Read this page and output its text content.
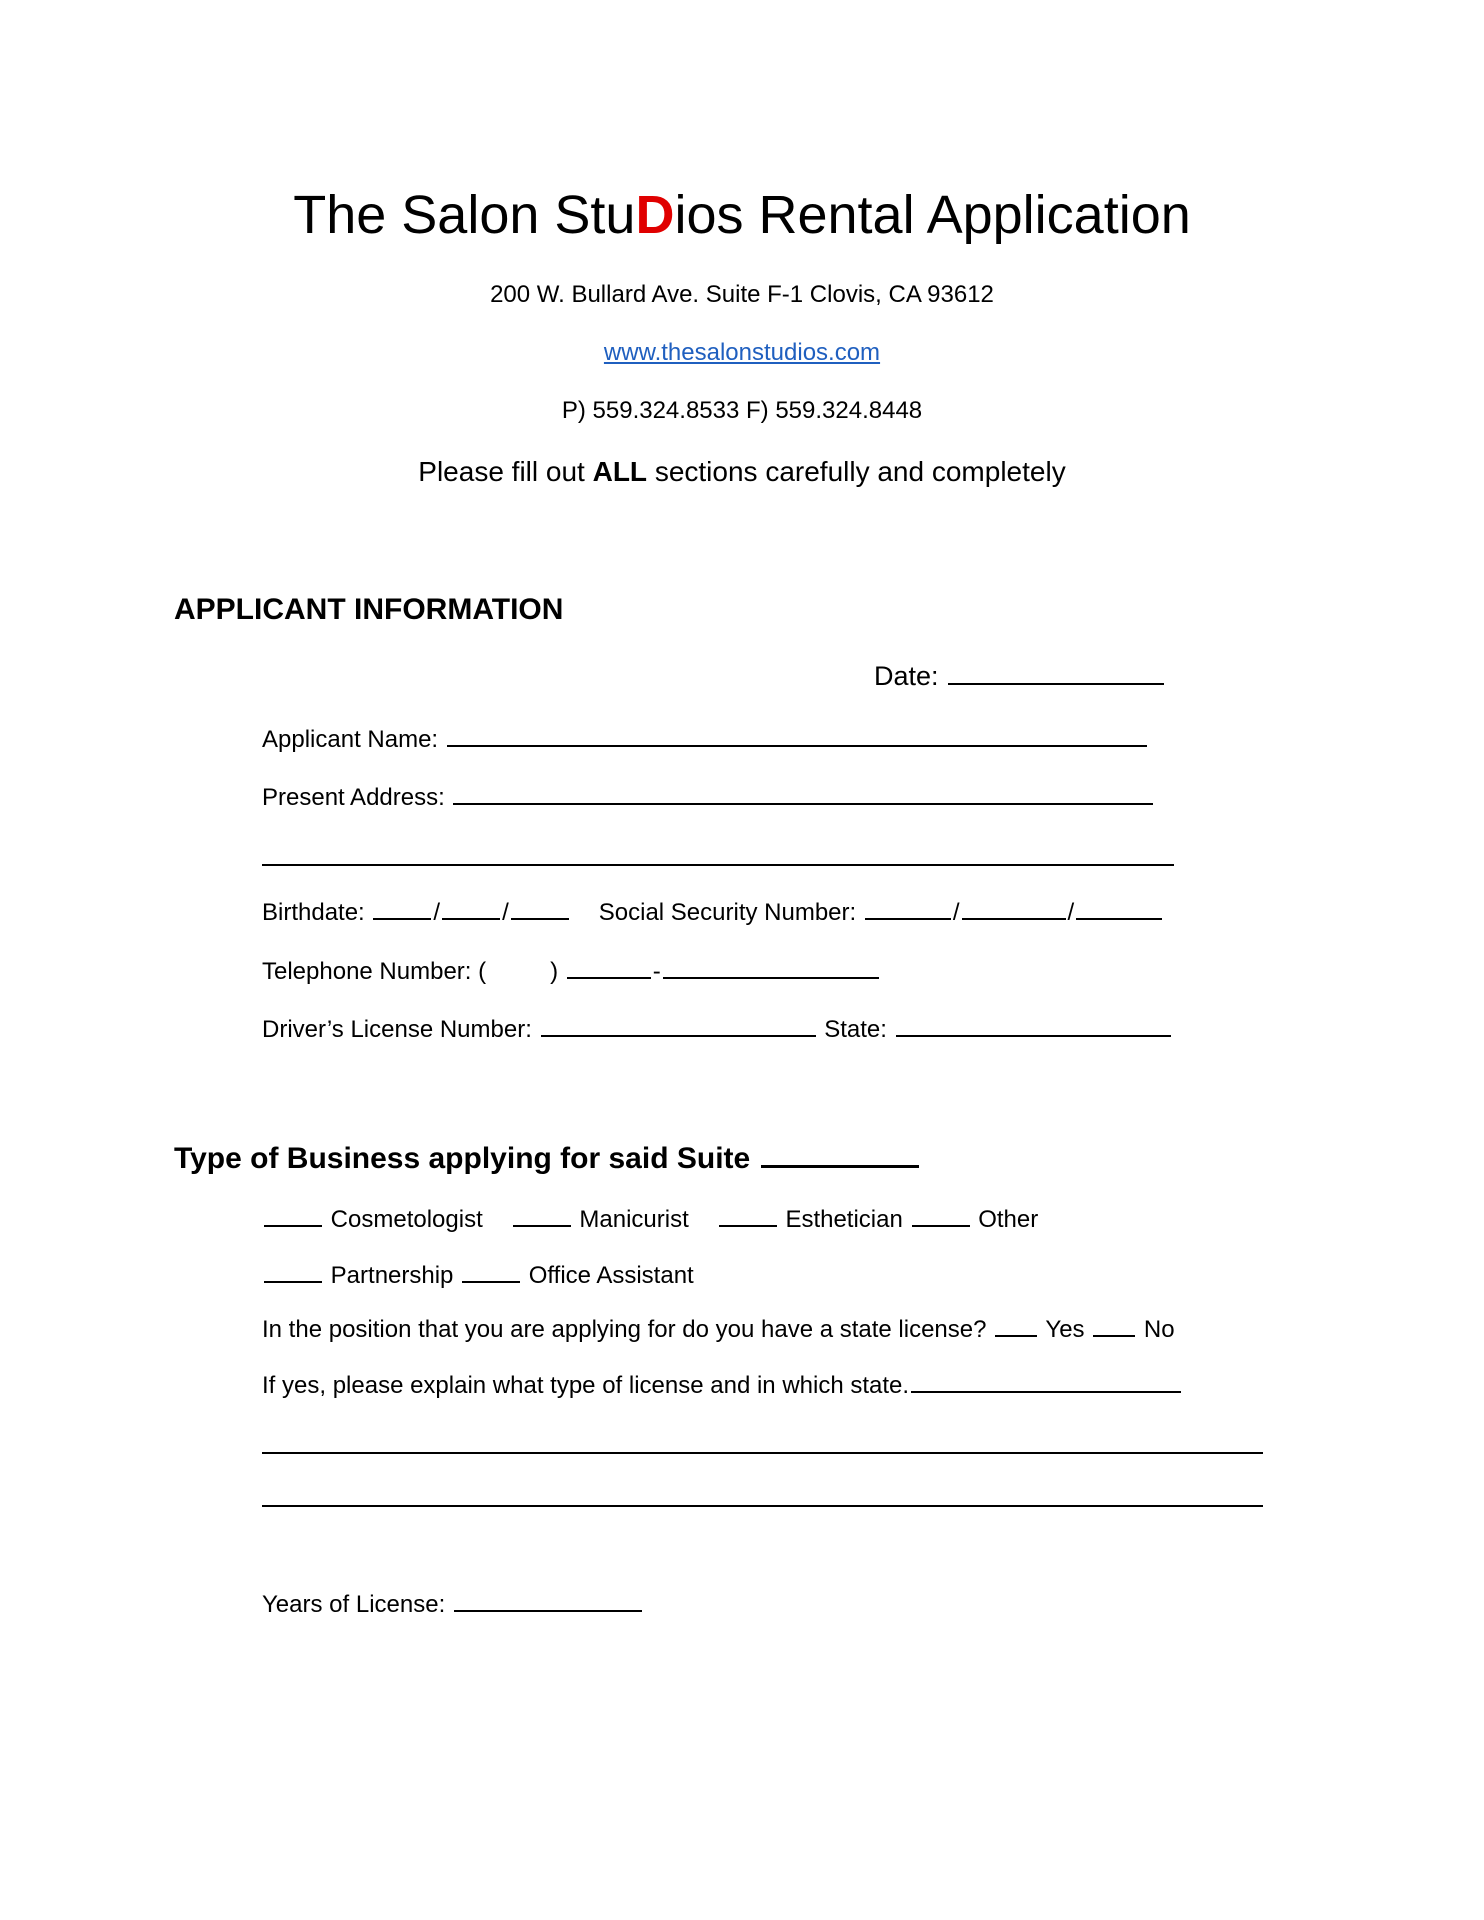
The Salon StuDios Rental Application
200 W. Bullard Ave. Suite F-1 Clovis, CA 93612
www.thesalonstudios.com
P) 559.324.8533 F) 559.324.8448
Please fill out ALL sections carefully and completely
APPLICANT INFORMATION
Date:
Applicant Name:
Present Address:
Birthdate:	/	/	Social Security Number:	/	/
Telephone Number: (	)	-
Driver’s License Number:	State:
Type of Business applying for said Suite
Cosmetologist	Manicurist	Esthetician	Other
Partnership	Office Assistant
In the position that you are applying for do you have a state license? Yes No
If yes, please explain what type of license and in which state.
Years of License:
